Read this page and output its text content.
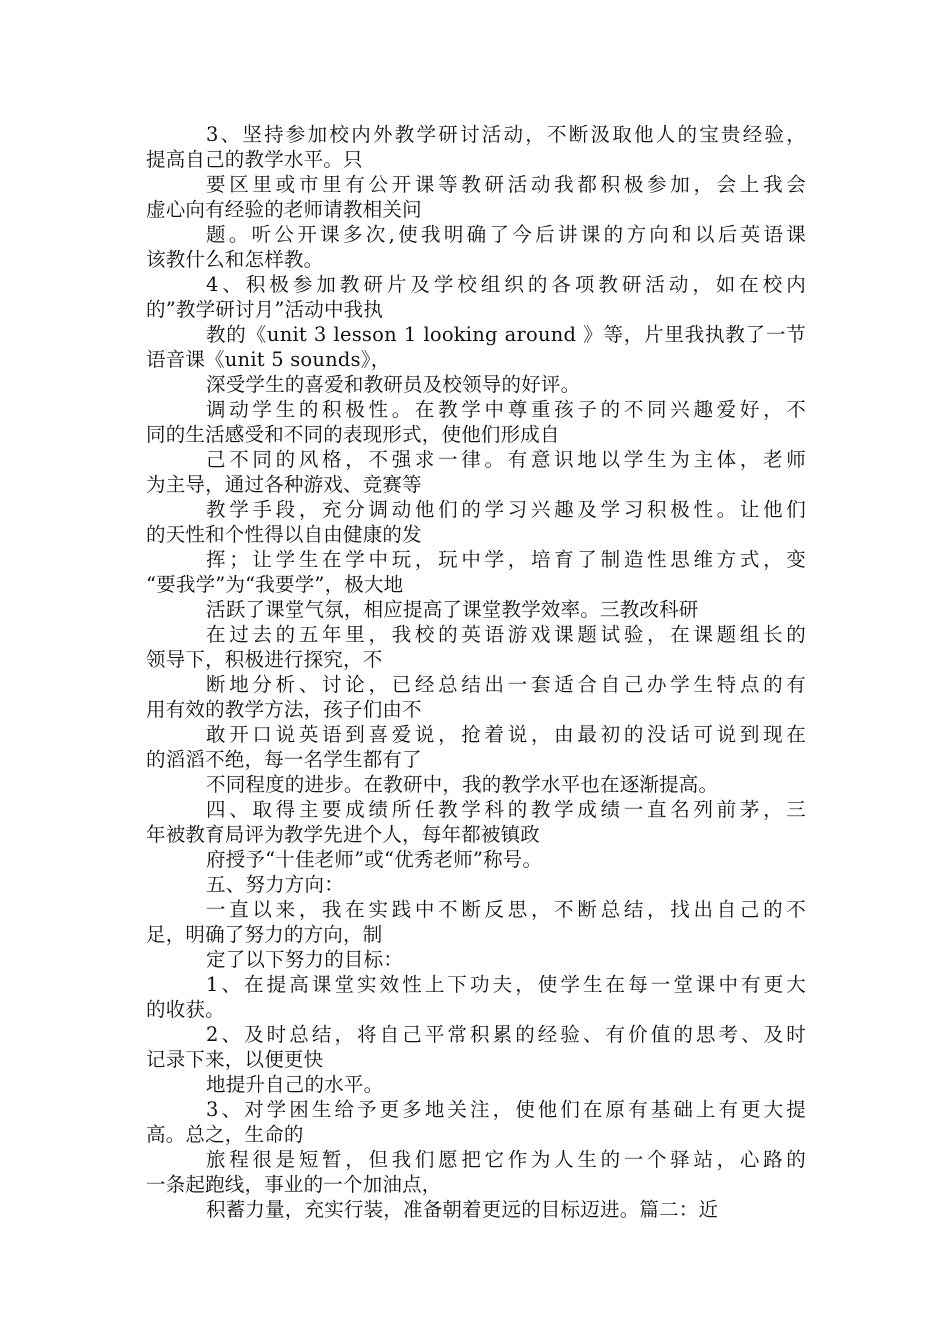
3、坚持参加校内外教学研讨活动，不断汲取他人的宝贵经验，
提高自己的教学水平。只

要区里或市里有公开课等教研活动我都积极参加，会上我会
虚心向有经验的老师请教相关问

题。听公开课多次,使我明确了今后讲课的方向和以后英语课
该教什么和怎样教。

4、积极参加教研片及学校组织的各项教研活动，如在校内
的”教学研讨月”活动中我执

教的《unit 3 lesson 1 looking around 》等，片里我执教了一节
语音课《unit 5 sounds》，

深受学生的喜爱和教研员及校领导的好评。

调动学生的积极性。在教学中尊重孩子的不同兴趣爱好，不
同的生活感受和不同的表现形式，使他们形成自

己不同的风格，不强求一律。有意识地以学生为主体，老师
为主导，通过各种游戏、竞赛等

教学手段，充分调动他们的学习兴趣及学习积极性。让他们
的天性和个性得以自由健康的发

挥；让学生在学中玩，玩中学，培育了制造性思维方式，变
“要我学”为“我要学”，极大地

活跃了课堂气氛，相应提高了课堂教学效率。三教改科研

在过去的五年里，我校的英语游戏课题试验，在课题组长的
领导下，积极进行探究，不

断地分析、讨论，已经总结出一套适合自己办学生特点的有
用有效的教学方法，孩子们由不

敢开口说英语到喜爱说，抢着说，由最初的没话可说到现在
的滔滔不绝，每一名学生都有了

不同程度的进步。在教研中，我的教学水平也在逐渐提高。

四、取得主要成绩所任教学科的教学成绩一直名列前茅，三
年被教育局评为教学先进个人，每年都被镇政

府授予“十佳老师”或“优秀老师”称号。

五、努力方向：

一直以来，我在实践中不断反思，不断总结，找出自己的不
足，明确了努力的方向，制

定了以下努力的目标：

1、在提高课堂实效性上下功夫，使学生在每一堂课中有更大
的收获。

2、及时总结，将自己平常积累的经验、有价值的思考、及时
记录下来，以便更快

地提升自己的水平。

3、对学困生给予更多地关注，使他们在原有基础上有更大提
高。总之，生命的

旅程很是短暂，但我们愿把它作为人生的一个驿站，心路的
一条起跑线，事业的一个加油点，

积蓄力量，充实行装，准备朝着更远的目标迈进。篇二：近
